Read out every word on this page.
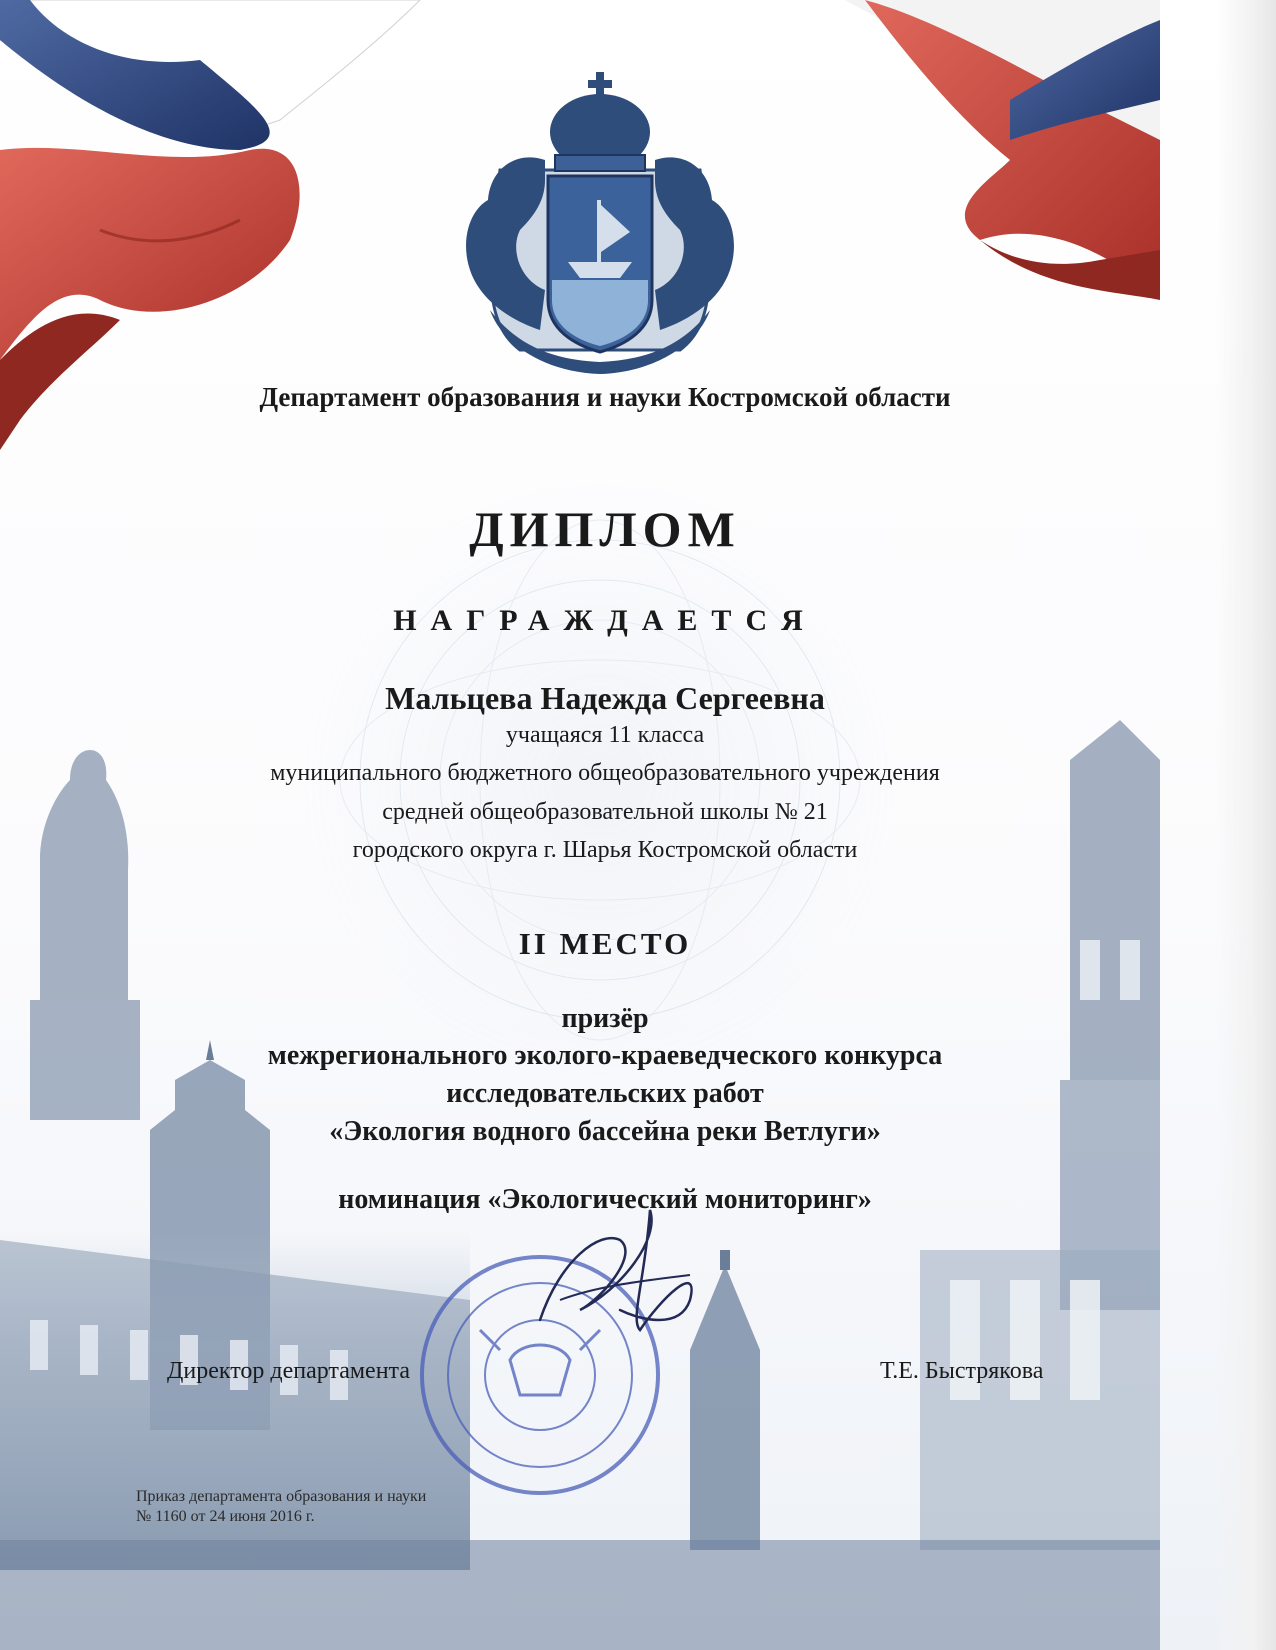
Департамент образования и науки Костромской области
ДИПЛОМ
НАГРАЖДАЕТСЯ
Мальцева Надежда Сергеевна
учащаяся 11 класса
муниципального бюджетного общеобразовательного учреждения
средней общеобразовательной школы № 21
городского округа г. Шарья Костромской области
II МЕСТО
призёр
межрегионального эколого-краеведческого конкурса
исследовательских работ
«Экология водного бассейна реки Ветлуги»
номинация «Экологический мониторинг»
Директор департамента	Т.Е. Быстрякова
Приказ департамента образования и науки
№ 1160 от 24 июня 2016 г.
